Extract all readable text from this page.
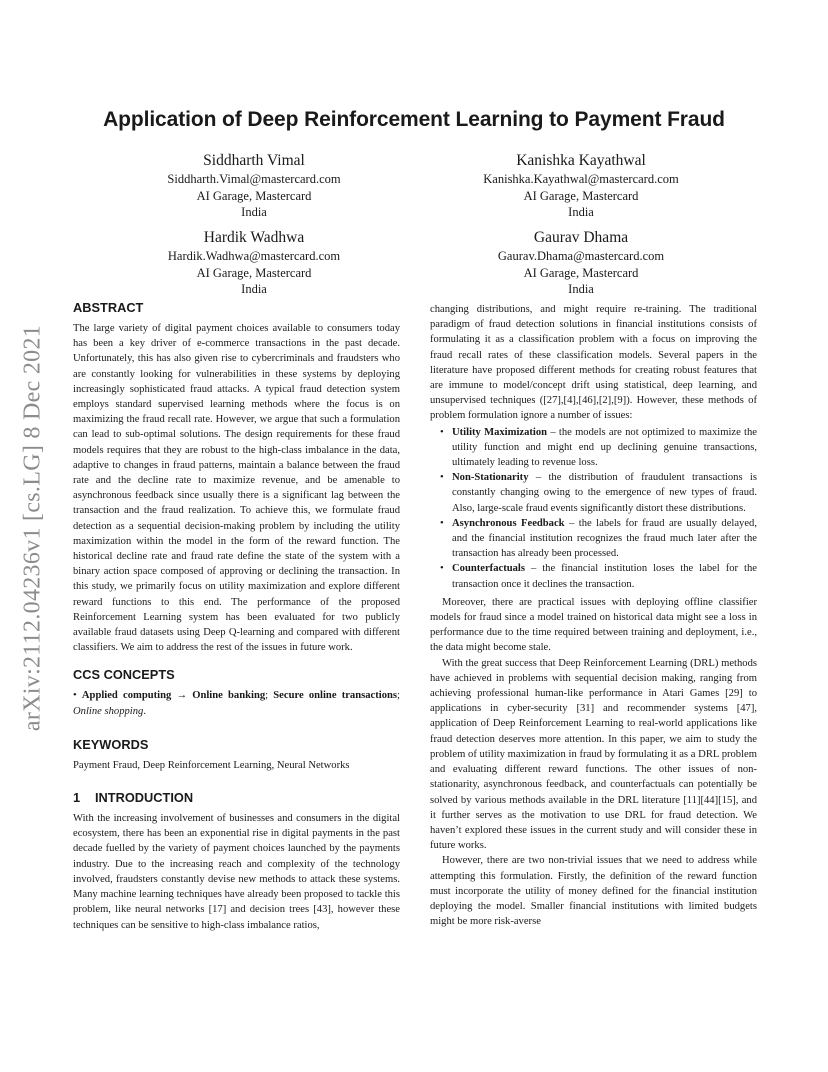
Application of Deep Reinforcement Learning to Payment Fraud
Siddharth Vimal
Siddharth.Vimal@mastercard.com
AI Garage, Mastercard
India
Kanishka Kayathwal
Kanishka.Kayathwal@mastercard.com
AI Garage, Mastercard
India
Hardik Wadhwa
Hardik.Wadhwa@mastercard.com
AI Garage, Mastercard
India
Gaurav Dhama
Gaurav.Dhama@mastercard.com
AI Garage, Mastercard
India
arXiv:2112.04236v1 [cs.LG] 8 Dec 2021
ABSTRACT

The large variety of digital payment choices available to consumers today has been a key driver of e-commerce transactions in the past decade. Unfortunately, this has also given rise to cybercriminals and fraudsters who are constantly looking for vulnerabilities in these systems by deploying increasingly sophisticated fraud attacks. A typical fraud detection system employs standard supervised learning methods where the focus is on maximizing the fraud recall rate. However, we argue that such a formulation can lead to sub-optimal solutions. The design requirements for these fraud models requires that they are robust to the high-class imbalance in the data, adaptive to changes in fraud patterns, maintain a balance between the fraud rate and the decline rate to maximize revenue, and be amenable to asynchronous feedback since usually there is a significant lag between the transaction and the fraud realization. To achieve this, we formulate fraud detection as a sequential decision-making problem by including the utility maximization within the model in the form of the reward function. The historical decline rate and fraud rate define the state of the system with a binary action space composed of approving or declining the transaction. In this study, we primarily focus on utility maximization and explore different reward functions to this end. The performance of the proposed Reinforcement Learning system has been evaluated for two publicly available fraud datasets using Deep Q-learning and compared with different classifiers. We aim to address the rest of the issues in future work.

CCS CONCEPTS
• Applied computing → Online banking; Secure online transactions; Online shopping.
KEYWORDS

Payment Fraud, Deep Reinforcement Learning, Neural Networks

1 INTRODUCTION

With the increasing involvement of businesses and consumers in the digital ecosystem, there has been an exponential rise in digital payments in the past decade fuelled by the variety of payment choices launched by the payments industry. Due to the increasing reach and complexity of the technology involved, fraudsters constantly devise new methods to attack these systems. Many machine learning techniques have already been proposed to tackle this problem, like neural networks [17] and decision trees [43], however these techniques can be sensitive to high-class imbalance ratios,

changing distributions, and might require re-training. The traditional paradigm of fraud detection solutions in financial institutions consists of formulating it as a classification problem with a focus on improving the fraud recall rates of these classification models. Several papers in the literature have proposed different methods for creating robust features that are immune to model/concept drift using statistical, deep learning, and unsupervised techniques ([27],[4],[46],[2],[9]). However, these methods of problem formulation ignore a number of issues:

• Utility Maximization – the models are not optimized to maximize the utility function and might end up declining genuine transactions, ultimately leading to revenue loss.
• Non-Stationarity – the distribution of fraudulent transactions is constantly changing owing to the emergence of new types of fraud. Also, large-scale fraud events significantly distort these distributions.
• Asynchronous Feedback – the labels for fraud are usually delayed, and the financial institution recognizes the fraud much later after the transaction has already been processed.
• Counterfactuals – the financial institution loses the label for the transaction once it declines the transaction.

Moreover, there are practical issues with deploying offline classifier models for fraud since a model trained on historical data might see a loss in performance due to the time required between training and deployment, i.e., the data might become stale.

With the great success that Deep Reinforcement Learning (DRL) methods have achieved in problems with sequential decision making, ranging from achieving professional human-like performance in Atari Games [29] to applications in cyber-security [31] and recommender systems [47], application of Deep Reinforcement Learning to real-world applications like fraud detection deserves more attention. In this paper, we aim to study the problem of utility maximization in fraud by formulating it as a DRL problem and evaluating different reward functions. The other issues of non-stationarity, asynchronous feedback, and counterfactuals can potentially be solved by various methods available in the DRL literature [11][44][15], and it further serves as the motivation to use DRL for fraud detection. We haven’t explored these issues in the current study and will consider these in future works.

However, there are two non-trivial issues that we need to address while attempting this formulation. Firstly, the definition of the reward function must incorporate the utility of money defined for the financial institution deploying the model. Smaller financial institutions with limited budgets might be more risk-averse
